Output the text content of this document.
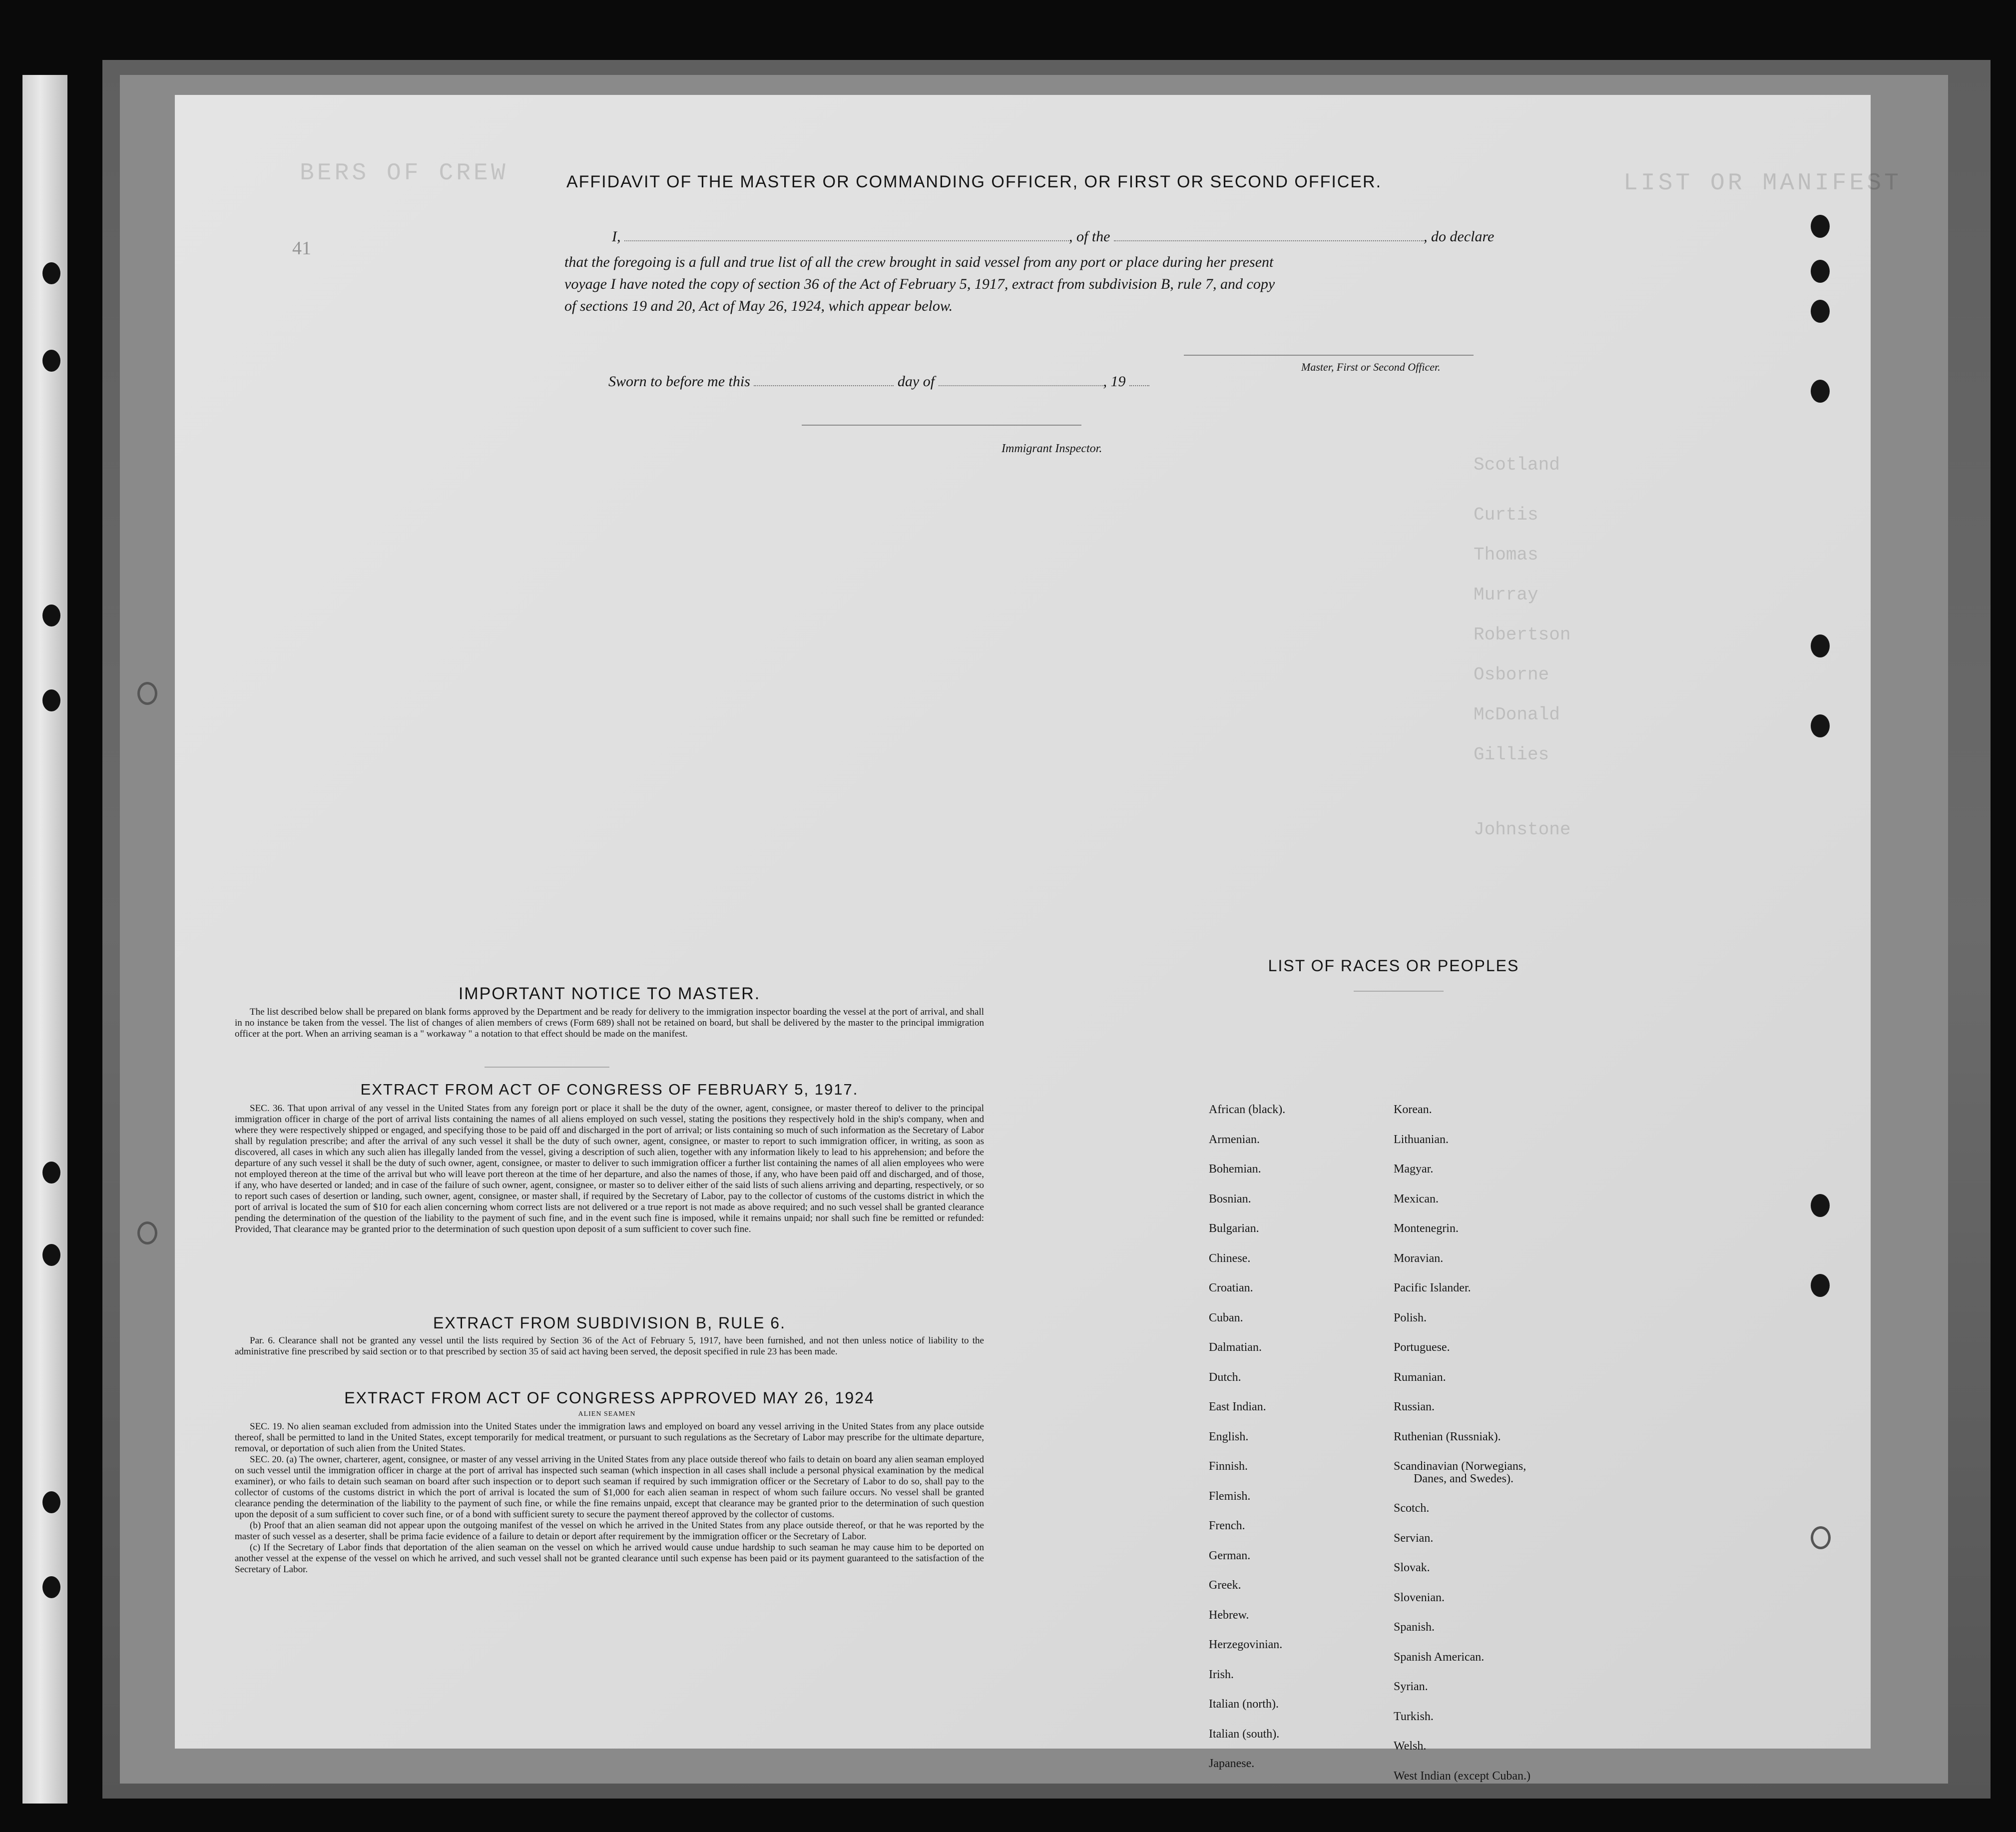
LIST OR MANIFEST
BERS OF CREW
Scotland
Curtis
Thomas
Murray
Robertson
Osborne
McDonald
Gillies
Johnstone
41
AFFIDAVIT OF THE MASTER OR COMMANDING OFFICER, OR FIRST OR SECOND OFFICER.
I,	, of the	, do declare
that the foregoing is a full and true list of all the crew brought in said vessel from any port or place during her present
voyage I have noted the copy of section 36 of the Act of February 5, 1917, extract from subdivision B, rule 7, and copy
of sections 19 and 20, Act of May 26, 1924, which appear below.
Master, First or Second Officer.
Sworn to before me this	day of	, 19
Immigrant Inspector.
IMPORTANT NOTICE TO MASTER.

The list described below shall be prepared on blank forms approved by the Department and be ready for delivery to the immigration inspector boarding the vessel at the port of arrival, and shall in no instance be taken from the vessel. The list of changes of alien members of crews (Form 689) shall not be retained on board, but shall be delivered by the master to the principal immigration officer at the port. When an arriving seaman is a " workaway " a notation to that effect should be made on the manifest.

EXTRACT FROM ACT OF CONGRESS OF FEBRUARY 5, 1917.

SEC. 36. That upon arrival of any vessel in the United States from any foreign port or place it shall be the duty of the owner, agent, consignee, or master thereof to deliver to the principal immigration officer in charge of the port of arrival lists containing the names of all aliens employed on such vessel, stating the positions they respectively hold in the ship's company, when and where they were respectively shipped or engaged, and specifying those to be paid off and discharged in the port of arrival; or lists containing so much of such information as the Secretary of Labor shall by regulation prescribe; and after the arrival of any such vessel it shall be the duty of such owner, agent, consignee, or master to report to such immigration officer, in writing, as soon as discovered, all cases in which any such alien has illegally landed from the vessel, giving a description of such alien, together with any information likely to lead to his apprehension; and before the departure of any such vessel it shall be the duty of such owner, agent, consignee, or master to deliver to such immigration officer a further list containing the names of all alien employees who were not employed thereon at the time of the arrival but who will leave port thereon at the time of her departure, and also the names of those, if any, who have been paid off and discharged, and of those, if any, who have deserted or landed; and in case of the failure of such owner, agent, consignee, or master so to deliver either of the said lists of such aliens arriving and departing, respectively, or so to report such cases of desertion or landing, such owner, agent, consignee, or master shall, if required by the Secretary of Labor, pay to the collector of customs of the customs district in which the port of arrival is located the sum of $10 for each alien concerning whom correct lists are not delivered or a true report is not made as above required; and no such vessel shall be granted clearance pending the determination of the question of the liability to the payment of such fine, and in the event such fine is imposed, while it remains unpaid; nor shall such fine be remitted or refunded: Provided, That clearance may be granted prior to the determination of such question upon deposit of a sum sufficient to cover such fine.

EXTRACT FROM SUBDIVISION B, RULE 6.

Par. 6. Clearance shall not be granted any vessel until the lists required by Section 36 of the Act of February 5, 1917, have been furnished, and not then unless notice of liability to the administrative fine prescribed by said section or to that prescribed by section 35 of said act having been served, the deposit specified in rule 23 has been made.

EXTRACT FROM ACT OF CONGRESS APPROVED MAY 26, 1924
ALIEN SEAMEN

SEC. 19. No alien seaman excluded from admission into the United States under the immigration laws and employed on board any vessel arriving in the United States from any place outside thereof, shall be permitted to land in the United States, except temporarily for medical treatment, or pursuant to such regulations as the Secretary of Labor may prescribe for the ultimate departure, removal, or deportation of such alien from the United States.

SEC. 20. (a) The owner, charterer, agent, consignee, or master of any vessel arriving in the United States from any place outside thereof who fails to detain on board any alien seaman employed on such vessel until the immigration officer in charge at the port of arrival has inspected such seaman (which inspection in all cases shall include a personal physical examination by the medical examiner), or who fails to detain such seaman on board after such inspection or to deport such seaman if required by such immigration officer or the Secretary of Labor to do so, shall pay to the collector of customs of the customs district in which the port of arrival is located the sum of $1,000 for each alien seaman in respect of whom such failure occurs. No vessel shall be granted clearance pending the determination of the liability to the payment of such fine, or while the fine remains unpaid, except that clearance may be granted prior to the determination of such question upon the deposit of a sum sufficient to cover such fine, or of a bond with sufficient surety to secure the payment thereof approved by the collector of customs.

(b) Proof that an alien seaman did not appear upon the outgoing manifest of the vessel on which he arrived in the United States from any place outside thereof, or that he was reported by the master of such vessel as a deserter, shall be prima facie evidence of a failure to detain or deport after requirement by the immigration officer or the Secretary of Labor.

(c) If the Secretary of Labor finds that deportation of the alien seaman on the vessel on which he arrived would cause undue hardship to such seaman he may cause him to be deported on another vessel at the expense of the vessel on which he arrived, and such vessel shall not be granted clearance until such expense has been paid or its payment guaranteed to the satisfaction of the Secretary of Labor.

LIST OF RACES OR PEOPLES
African (black).
Armenian.
Bohemian.
Bosnian.
Bulgarian.
Chinese.
Croatian.
Cuban.
Dalmatian.
Dutch.
East Indian.
English.
Finnish.
Flemish.
French.
German.
Greek.
Hebrew.
Herzegovinian.
Irish.
Italian (north).
Italian (south).
Japanese.
Korean.
Lithuanian.
Magyar.
Mexican.
Montenegrin.
Moravian.
Pacific Islander.
Polish.
Portuguese.
Rumanian.
Russian.
Ruthenian (Russniak).
Scandinavian (Norwegians,
Danes, and Swedes).
Scotch.
Servian.
Slovak.
Slovenian.
Spanish.
Spanish American.
Syrian.
Turkish.
Welsh.
West Indian (except Cuban.)
